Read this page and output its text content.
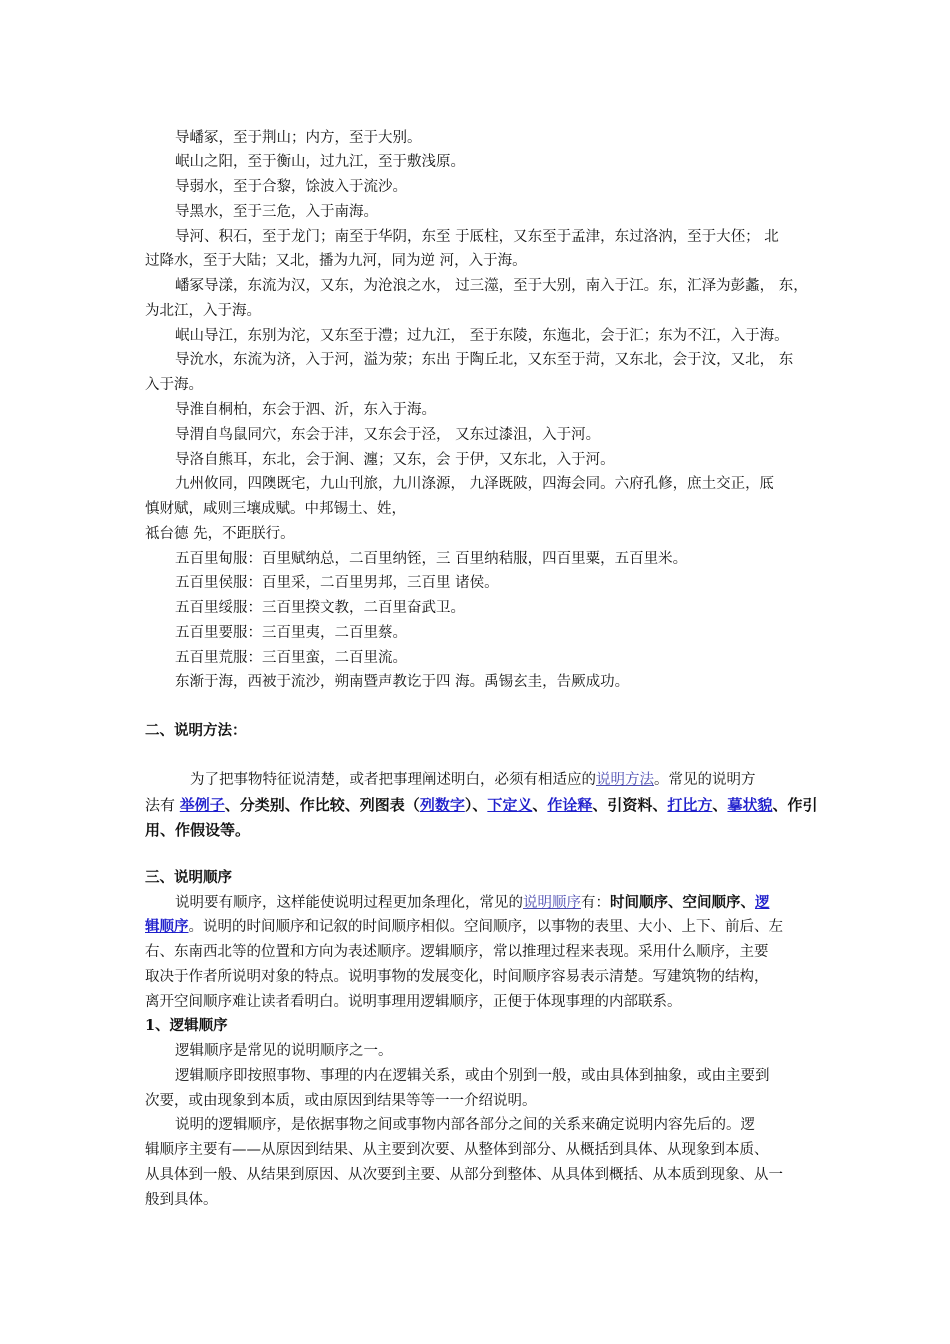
导嶓冢，至于荆山；内方，至于大别。
岷山之阳，至于衡山，过九江，至于敷浅原。
导弱水，至于合黎，馀波入于流沙。
导黑水，至于三危，入于南海。
导河、积石，至于龙门；南至于华阴，东至 于厎柱，又东至于孟津，东过洛汭，至于大伾； 北
过降水，至于大陆；又北，播为九河，同为逆 河，入于海。
嶓冢导漾，东流为汉，又东，为沧浪之水， 过三澨，至于大别，南入于江。东，汇泽为彭蠡， 东，
为北江，入于海。
岷山导江，东别为沱，又东至于澧；过九江， 至于东陵，东迤北，会于汇；东为不江，入于海。
导沇水，东流为济，入于河，溢为荥；东出 于陶丘北，又东至于菏，又东北，会于汶，又北， 东
入于海。
导淮自桐柏，东会于泗、沂，东入于海。
导渭自鸟鼠同穴，东会于沣，又东会于泾， 又东过漆沮，入于河。
导洛自熊耳，东北，会于涧、瀍；又东，会 于伊，又东北，入于河。
九州攸同，四隩既宅，九山刊旅，九川涤源， 九泽既陂，四海会同。六府孔修，庶土交正，厎
慎财赋，咸则三壤成赋。中邦锡土、姓，
祗台德 先，不距朕行。
五百里甸服：百里赋纳总，二百里纳铚，三 百里纳秸服，四百里粟，五百里米。
五百里侯服：百里采，二百里男邦，三百里 诸侯。
五百里绥服：三百里揆文教，二百里奋武卫。
五百里要服：三百里夷，二百里蔡。
五百里荒服：三百里蛮，二百里流。
东渐于海，西被于流沙，朔南暨声教讫于四 海。禹锡玄圭，告厥成功。
二、说明方法：
为了把事物特征说清楚，或者把事理阐述明白，必须有相适应的说明方法。常见的说明方
法有 举例子、分类别、作比较、列图表（列数字）、下定义、作诠释、引资料、打比方、摹状貌、作引
用、作假设等。
三、说明顺序
说明要有顺序，这样能使说明过程更加条理化，常见的说明顺序有：时间顺序、空间顺序、逻
辑顺序。说明的时间顺序和记叙的时间顺序相似。空间顺序，以事物的表里、大小、上下、前后、左
右、东南西北等的位置和方向为表述顺序。逻辑顺序，常以推理过程来表现。采用什么顺序，主要
取决于作者所说明对象的特点。说明事物的发展变化，时间顺序容易表示清楚。写建筑物的结构，
离开空间顺序难让读者看明白。说明事理用逻辑顺序，正便于体现事理的内部联系。
1、逻辑顺序
逻辑顺序是常见的说明顺序之一。
逻辑顺序即按照事物、事理的内在逻辑关系，或由个别到一般，或由具体到抽象，或由主要到
次要，或由现象到本质，或由原因到结果等等一一介绍说明。
说明的逻辑顺序，是依据事物之间或事物内部各部分之间的关系来确定说明内容先后的。逻
辑顺序主要有——从原因到结果、从主要到次要、从整体到部分、从概括到具体、从现象到本质、
从具体到一般、从结果到原因、从次要到主要、从部分到整体、从具体到概括、从本质到现象、从一
般到具体。
